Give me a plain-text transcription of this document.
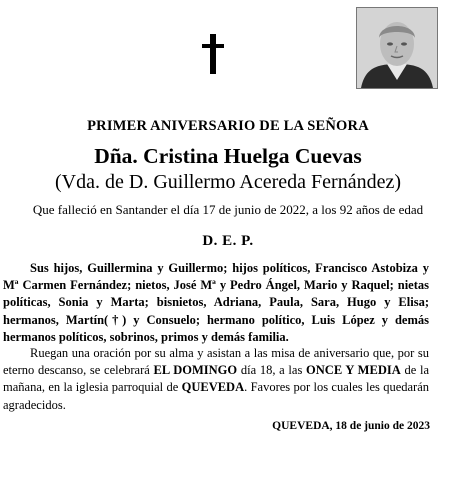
PRIMER ANIVERSARIO DE LA SEÑORA
Dña. Cristina Huelga Cuevas
(Vda. de D. Guillermo Acereda Fernández)
Que falleció en Santander el día 17 de junio de 2022, a los 92 años de edad
D. E. P.
Sus hijos, Guillermina y Guillermo; hijos políticos, Francisco Astobiza y Mª Carmen Fernández; nietos, José Mª y Pedro Ángel, Mario y Raquel; nietas políticas, Sonia y Marta; bisnietos, Adriana, Paula, Sara, Hugo y Elisa; hermanos, Martín(†) y Consuelo; hermano político, Luis López y demás hermanos políticos, sobrinos, primos y demás familia.
Ruegan una oración por su alma y asistan a las misa de aniversario que, por su eterno descanso, se celebrará EL DOMINGO día 18, a las ONCE Y MEDIA de la mañana, en la iglesia parroquial de QUEVEDA. Favores por los cuales les quedarán agradecidos.
QUEVEDA, 18 de junio de 2023
